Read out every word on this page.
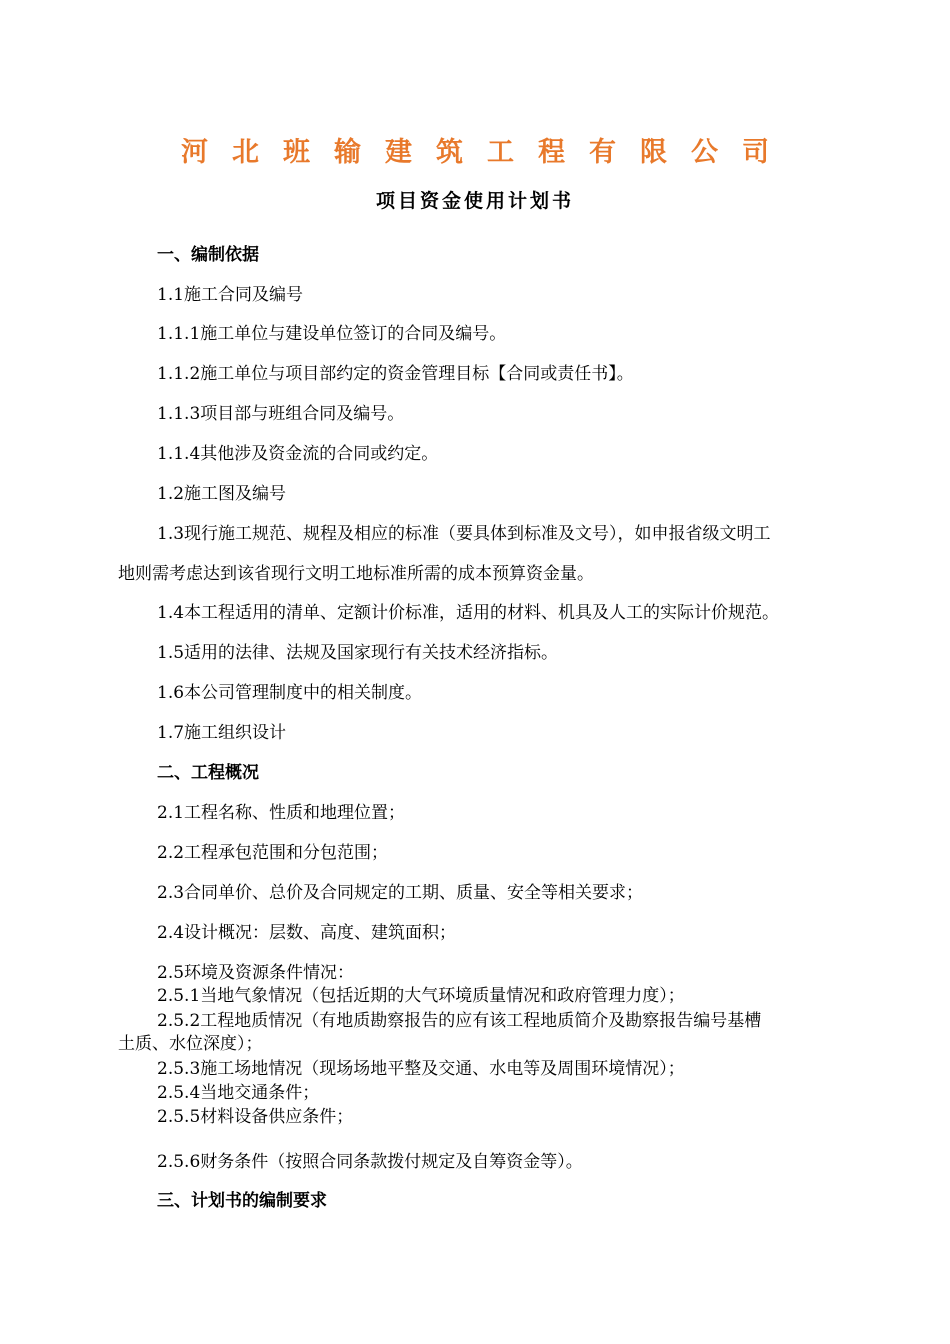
河北班输建筑工程有限公司
项目资金使用计划书
一、编制依据
1.1施工合同及编号
1.1.1施工单位与建设单位签订的合同及编号。
1.1.2施工单位与项目部约定的资金管理目标【合同或责任书】。
1.1.3项目部与班组合同及编号。
1.1.4其他涉及资金流的合同或约定。
1.2施工图及编号
1.3现行施工规范、规程及相应的标准（要具体到标准及文号），如申报省级文明工
地则需考虑达到该省现行文明工地标准所需的成本预算资金量。
1.4本工程适用的清单、定额计价标准，适用的材料、机具及人工的实际计价规范。
1.5适用的法律、法规及国家现行有关技术经济指标。
1.6本公司管理制度中的相关制度。
1.7施工组织设计
二、工程概况
2.1工程名称、性质和地理位置；
2.2工程承包范围和分包范围；
2.3合同单价、总价及合同规定的工期、质量、安全等相关要求；
2.4设计概况：层数、高度、建筑面积；
2.5环境及资源条件情况：
2.5.1当地气象情况（包括近期的大气环境质量情况和政府管理力度）；
2.5.2工程地质情况（有地质勘察报告的应有该工程地质简介及勘察报告编号基槽
土质、水位深度）；
2.5.3施工场地情况（现场场地平整及交通、水电等及周围环境情况）；
2.5.4当地交通条件；
2.5.5材料设备供应条件；
2.5.6财务条件（按照合同条款拨付规定及自筹资金等）。
三、计划书的编制要求
